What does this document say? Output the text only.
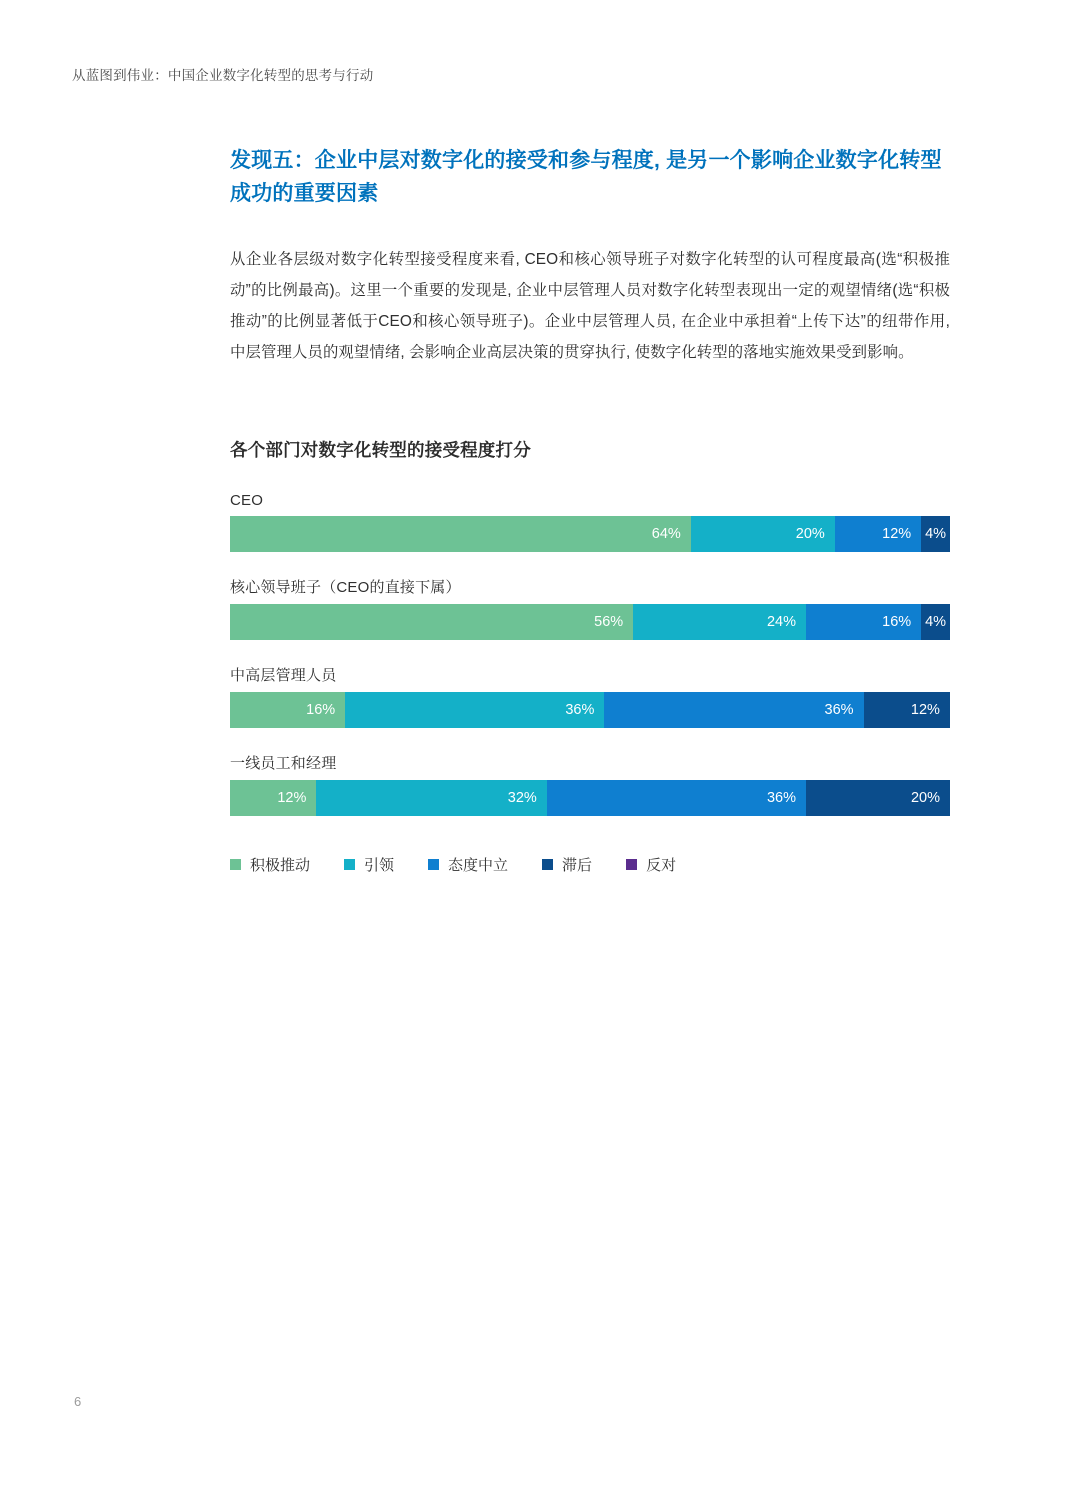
从蓝图到伟业：中国企业数字化转型的思考与行动
发现五：企业中层对数字化的接受和参与程度, 是另一个影响企业数字化转型成功的重要因素

从企业各层级对数字化转型接受程度来看, CEO和核心领导班子对数字化转型的认可程度最高(选“积极推动”的比例最高)。这里一个重要的发现是, 企业中层管理人员对数字化转型表现出一定的观望情绪(选“积极推动”的比例显著低于CEO和核心领导班子)。企业中层管理人员, 在企业中承担着“上传下达”的纽带作用, 中层管理人员的观望情绪, 会影响企业高层决策的贯穿执行, 使数字化转型的落地实施效果受到影响。

各个部门对数字化转型的接受程度打分
CEO
64%	20%	12% 4%
核心领导班子（CEO的直接下属）
56%	24%	16% 4%
中高层管理人员
16%	36%	36%	12%
一线员工和经理
12%	32%	36%	20%
积极推动	引领	态度中立	滞后	反对
6
